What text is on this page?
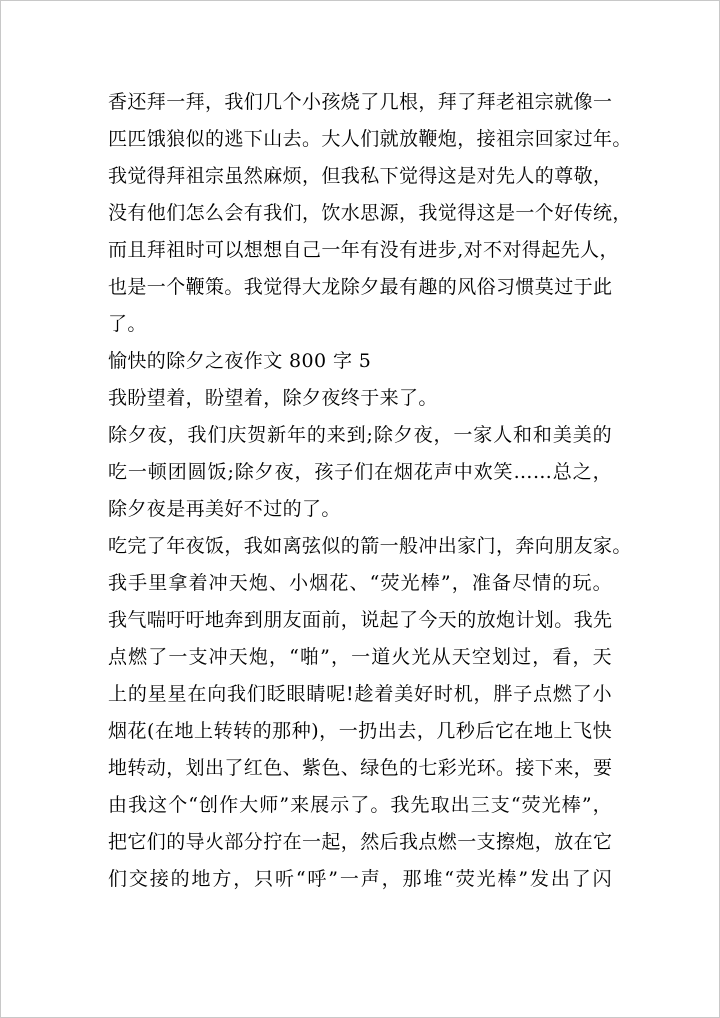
香还拜一拜，我们几个小孩烧了几根，拜了拜老祖宗就像一
匹匹饿狼似的逃下山去。大人们就放鞭炮，接祖宗回家过年。
我觉得拜祖宗虽然麻烦，但我私下觉得这是对先人的尊敬，
没有他们怎么会有我们，饮水思源，我觉得这是一个好传统，
而且拜祖时可以想想自己一年有没有进步,对不对得起先人，
也是一个鞭策。我觉得大龙除夕最有趣的风俗习惯莫过于此
了。
愉快的除夕之夜作文 800 字 5
我盼望着，盼望着，除夕夜终于来了。
除夕夜，我们庆贺新年的来到;除夕夜，一家人和和美美的
吃一顿团圆饭;除夕夜，孩子们在烟花声中欢笑……总之，
除夕夜是再美好不过的了。
吃完了年夜饭，我如离弦似的箭一般冲出家门，奔向朋友家。
我手里拿着冲天炮、小烟花、“荧光棒”，准备尽情的玩。
我气喘吁吁地奔到朋友面前，说起了今天的放炮计划。我先
点燃了一支冲天炮，“啪”，一道火光从天空划过，看，天
上的星星在向我们眨眼睛呢!趁着美好时机，胖子点燃了小
烟花(在地上转转的那种)，一扔出去，几秒后它在地上飞快
地转动，划出了红色、紫色、绿色的七彩光环。接下来，要
由我这个“创作大师”来展示了。我先取出三支“荧光棒”，
把它们的导火部分拧在一起，然后我点燃一支擦炮，放在它
们交接的地方，只听“呼”一声，那堆“荧光棒”发出了闪
